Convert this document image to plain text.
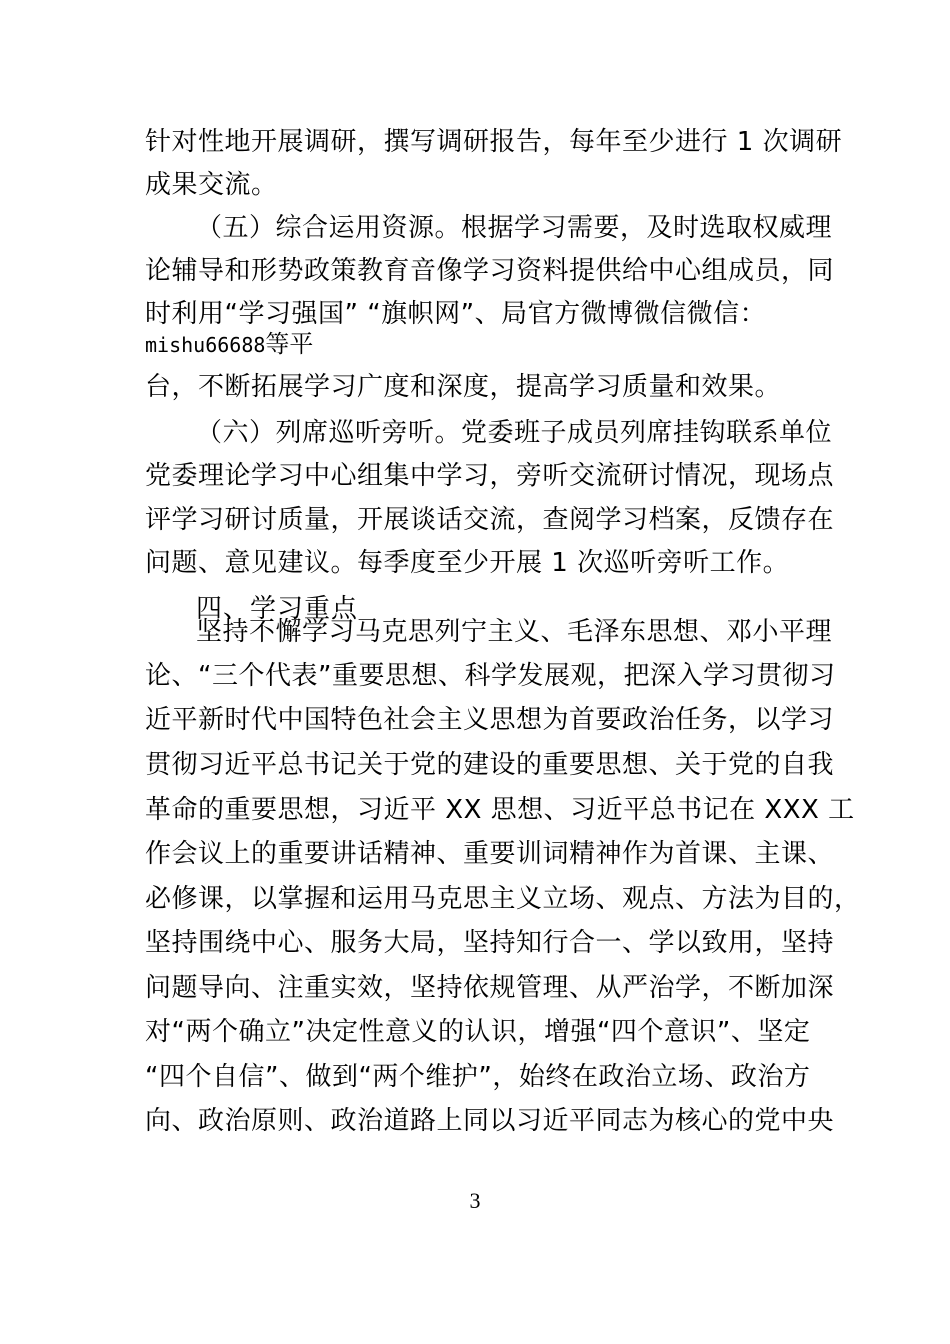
针对性地开展调研，撰写调研报告，每年至少进行 1 次调研
成果交流。
（五）综合运用资源。根据学习需要，及时选取权威理
论辅导和形势政策教育音像学习资料提供给中心组成员，同
时利用“学习强国” “旗帜网”、局官方微博微信微信：
mishu66688等平
台，不断拓展学习广度和深度，提高学习质量和效果。
（六）列席巡听旁听。党委班子成员列席挂钩联系单位
党委理论学习中心组集中学习，旁听交流研讨情况，现场点
评学习研讨质量，开展谈话交流，查阅学习档案，反馈存在
问题、意见建议。每季度至少开展 1 次巡听旁听工作。
四、学习重点
坚持不懈学习马克思列宁主义、毛泽东思想、邓小平理
论、“三个代表”重要思想、科学发展观，把深入学习贯彻习
近平新时代中国特色社会主义思想为首要政治任务，以学习
贯彻习近平总书记关于党的建设的重要思想、关于党的自我
革命的重要思想，习近平 XX 思想、习近平总书记在 XXX 工
作会议上的重要讲话精神、重要训词精神作为首课、主课、
必修课，以掌握和运用马克思主义立场、观点、方法为目的，
坚持围绕中心、服务大局，坚持知行合一、学以致用，坚持
问题导向、注重实效，坚持依规管理、从严治学，不断加深
对“两个确立”决定性意义的认识，增强“四个意识”、坚定
“四个自信”、做到“两个维护”，始终在政治立场、政治方
向、政治原则、政治道路上同以习近平同志为核心的党中央
3
